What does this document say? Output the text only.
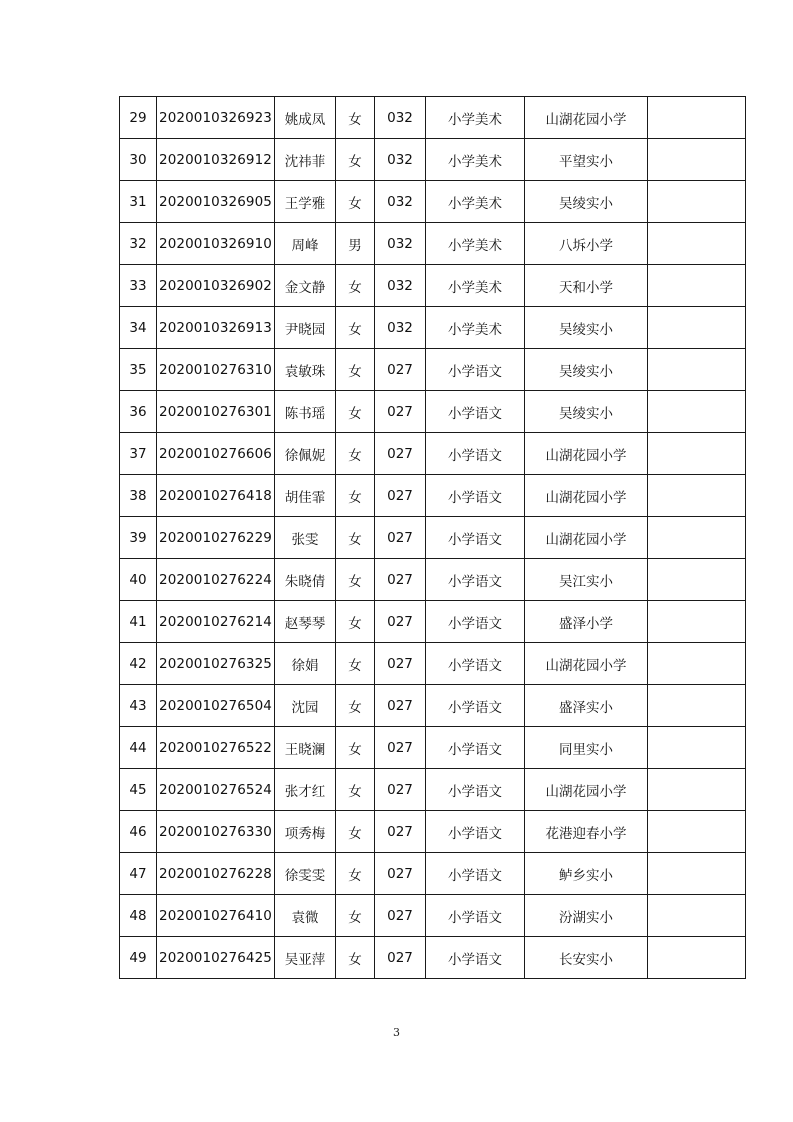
29	2020010326923	姚成凤	女	032	小学美术	山湖花园小学	
30	2020010326912	沈祎菲	女	032	小学美术	平望实小	
31	2020010326905	王学雅	女	032	小学美术	吴绫实小	
32	2020010326910	周峰	男	032	小学美术	八坼小学	
33	2020010326902	金文静	女	032	小学美术	天和小学	
34	2020010326913	尹晓园	女	032	小学美术	吴绫实小	
35	2020010276310	袁敏珠	女	027	小学语文	吴绫实小	
36	2020010276301	陈书瑶	女	027	小学语文	吴绫实小	
37	2020010276606	徐佩妮	女	027	小学语文	山湖花园小学	
38	2020010276418	胡佳霏	女	027	小学语文	山湖花园小学	
39	2020010276229	张雯	女	027	小学语文	山湖花园小学	
40	2020010276224	朱晓倩	女	027	小学语文	吴江实小	
41	2020010276214	赵琴琴	女	027	小学语文	盛泽小学	
42	2020010276325	徐娟	女	027	小学语文	山湖花园小学	
43	2020010276504	沈园	女	027	小学语文	盛泽实小	
44	2020010276522	王晓澜	女	027	小学语文	同里实小	
45	2020010276524	张才红	女	027	小学语文	山湖花园小学	
46	2020010276330	项秀梅	女	027	小学语文	花港迎春小学	
47	2020010276228	徐雯雯	女	027	小学语文	鲈乡实小	
48	2020010276410	袁微	女	027	小学语文	汾湖实小	
49	2020010276425	吴亚萍	女	027	小学语文	长安实小	
3
